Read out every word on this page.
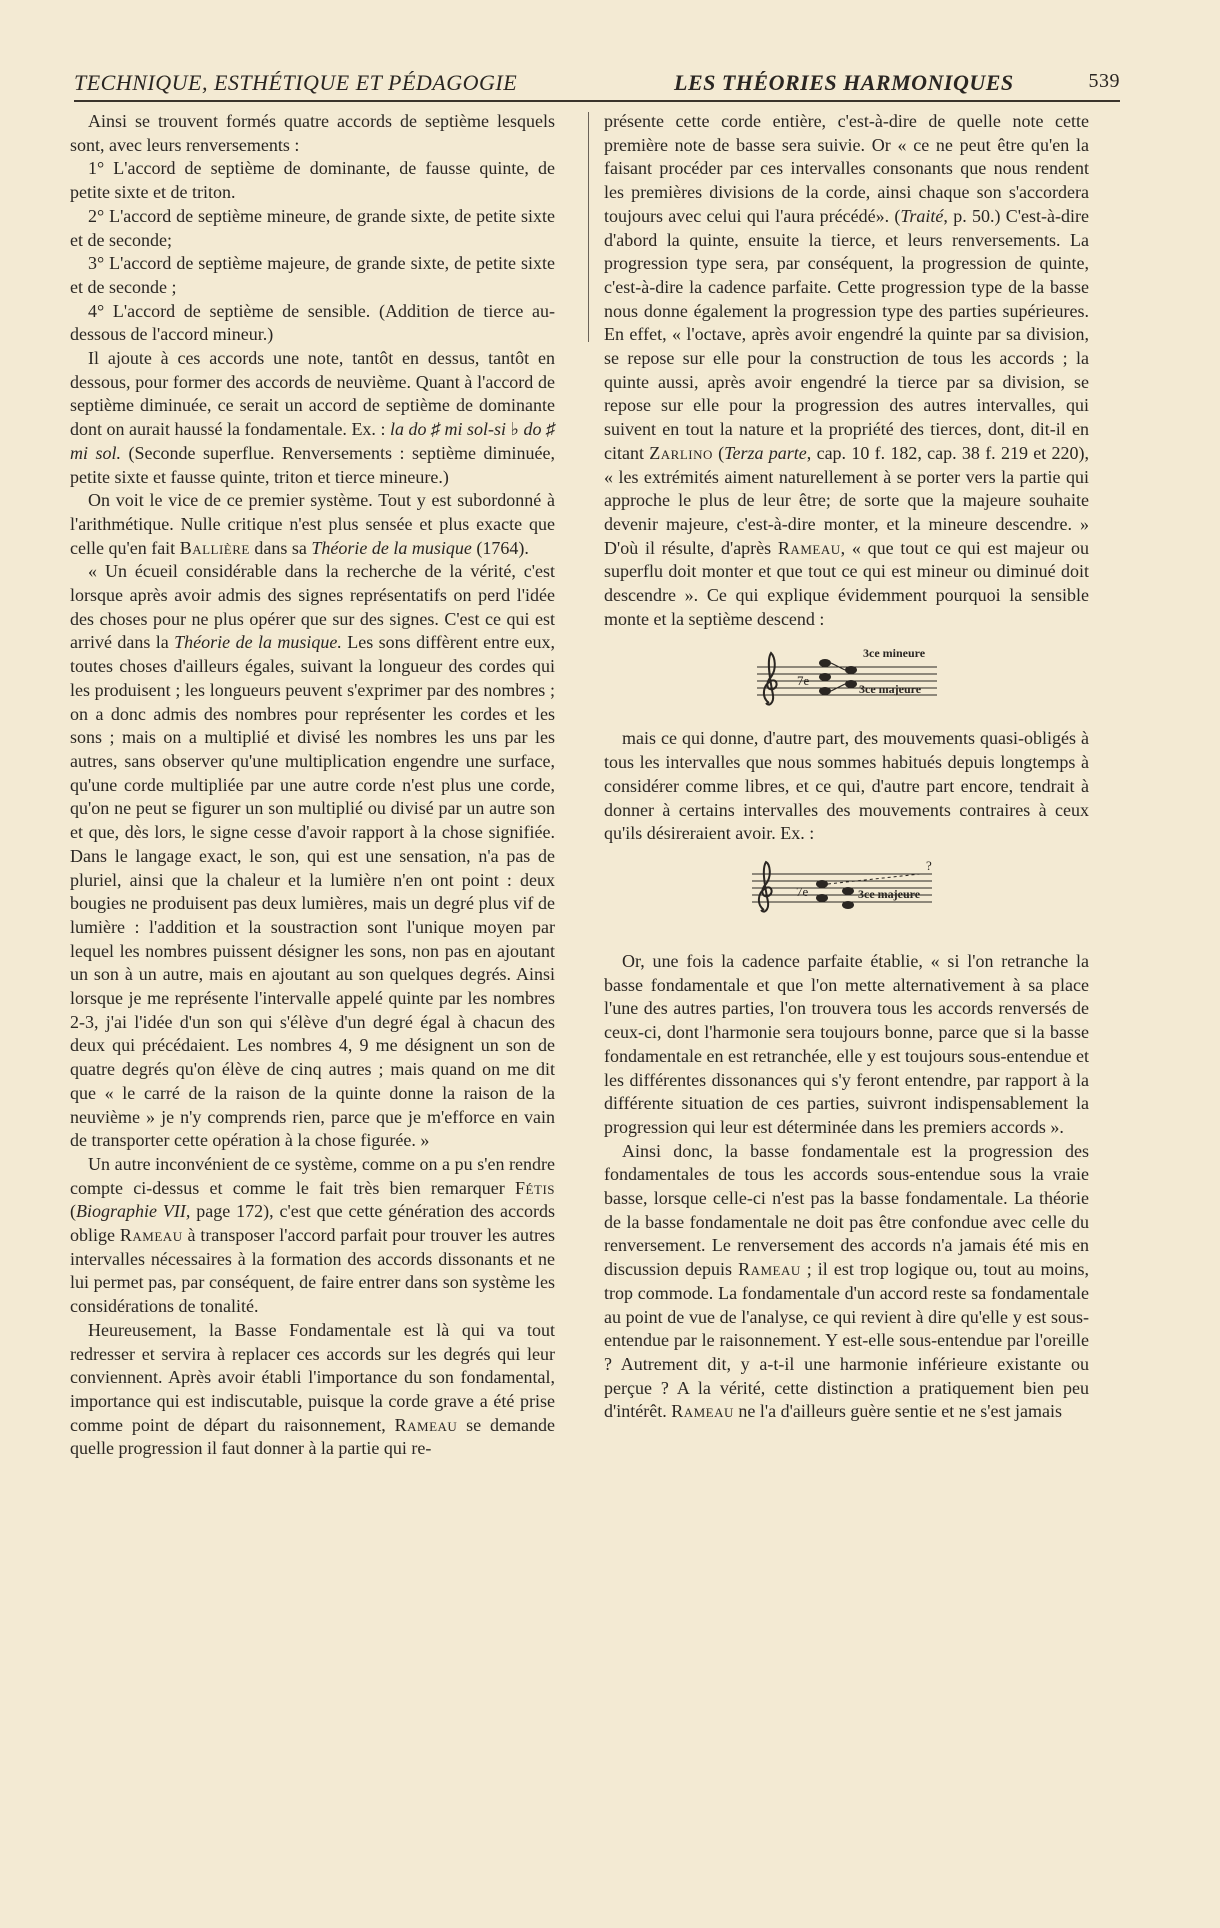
TECHNIQUE, ESTHÉTIQUE ET PÉDAGOGIE	LES THÉORIES HARMONIQUES	539

Ainsi se trouvent formés quatre accords de septième lesquels sont, avec leurs renversements :

1° L'accord de septième de dominante, de fausse quinte, de petite sixte et de triton.

2° L'accord de septième mineure, de grande sixte, de petite sixte et de seconde;

3° L'accord de septième majeure, de grande sixte, de petite sixte et de seconde ;

4° L'accord de septième de sensible. (Addition de tierce au-dessous de l'accord mineur.)

Il ajoute à ces accords une note, tantôt en dessus, tantôt en dessous, pour former des accords de neuvième. Quant à l'accord de septième diminuée, ce serait un accord de septième de dominante dont on aurait haussé la fondamentale. Ex. : la do ♯ mi sol-si ♭ do ♯ mi sol. (Seconde superflue. Renversements : septième diminuée, petite sixte et fausse quinte, triton et tierce mineure.)

On voit le vice de ce premier système. Tout y est subordonné à l'arithmétique. Nulle critique n'est plus sensée et plus exacte que celle qu'en fait Ballière dans sa Théorie de la musique (1764).

« Un écueil considérable dans la recherche de la vérité, c'est lorsque après avoir admis des signes représentatifs on perd l'idée des choses pour ne plus opérer que sur des signes. C'est ce qui est arrivé dans la Théorie de la musique. Les sons diffèrent entre eux, toutes choses d'ailleurs égales, suivant la longueur des cordes qui les produisent ; les longueurs peuvent s'exprimer par des nombres ; on a donc admis des nombres pour représenter les cordes et les sons ; mais on a multiplié et divisé les nombres les uns par les autres, sans observer qu'une multiplication engendre une surface, qu'une corde multipliée par une autre corde n'est plus une corde, qu'on ne peut se figurer un son multiplié ou divisé par un autre son et que, dès lors, le signe cesse d'avoir rapport à la chose signifiée. Dans le langage exact, le son, qui est une sensation, n'a pas de pluriel, ainsi que la chaleur et la lumière n'en ont point : deux bougies ne produisent pas deux lumières, mais un degré plus vif de lumière : l'addition et la soustraction sont l'unique moyen par lequel les nombres puissent désigner les sons, non pas en ajoutant un son à un autre, mais en ajoutant au son quelques degrés. Ainsi lorsque je me représente l'intervalle appelé quinte par les nombres 2-3, j'ai l'idée d'un son qui s'élève d'un degré égal à chacun des deux qui précédaient. Les nombres 4, 9 me désignent un son de quatre degrés qu'on élève de cinq autres ; mais quand on me dit que « le carré de la raison de la quinte donne la raison de la neuvième » je n'y comprends rien, parce que je m'efforce en vain de transporter cette opération à la chose figurée. »

Un autre inconvénient de ce système, comme on a pu s'en rendre compte ci-dessus et comme le fait très bien remarquer Fétis (Biographie VII, page 172), c'est que cette génération des accords oblige Rameau à transposer l'accord parfait pour trouver les autres intervalles nécessaires à la formation des accords dissonants et ne lui permet pas, par conséquent, de faire entrer dans son système les considérations de tonalité.

Heureusement, la Basse Fondamentale est là qui va tout redresser et servira à replacer ces accords sur les degrés qui leur conviennent. Après avoir établi l'importance du son fondamental, importance qui est indiscutable, puisque la corde grave a été prise comme point de départ du raisonnement, Rameau se demande quelle progression il faut donner à la partie qui re-

présente cette corde entière, c'est-à-dire de quelle note cette première note de basse sera suivie. Or « ce ne peut être qu'en la faisant procéder par ces intervalles consonants que nous rendent les premières divisions de la corde, ainsi chaque son s'accordera toujours avec celui qui l'aura précédé». (Traité, p. 50.) C'est-à-dire d'abord la quinte, ensuite la tierce, et leurs renversements. La progression type sera, par conséquent, la progression de quinte, c'est-à-dire la cadence parfaite. Cette progression type de la basse nous donne également la progression type des parties supérieures. En effet, « l'octave, après avoir engendré la quinte par sa division, se repose sur elle pour la construction de tous les accords ; la quinte aussi, après avoir engendré la tierce par sa division, se repose sur elle pour la progression des autres intervalles, qui suivent en tout la nature et la propriété des tierces, dont, dit-il en citant Zarlino (Terza parte, cap. 10 f. 182, cap. 38 f. 219 et 220), « les extrémités aiment naturellement à se porter vers la partie qui approche le plus de leur être; de sorte que la majeure souhaite devenir majeure, c'est-à-dire monter, et la mineure descendre. » D'où il résulte, d'après Rameau, « que tout ce qui est majeur ou superflu doit monter et que tout ce qui est mineur ou diminué doit descendre ». Ce qui explique évidemment pourquoi la sensible monte et la septième descend :

3ce mineure
7e
3ce majeure

mais ce qui donne, d'autre part, des mouvements quasi-obligés à tous les intervalles que nous sommes habitués depuis longtemps à considérer comme libres, et ce qui, d'autre part encore, tendrait à donner à certains intervalles des mouvements contraires à ceux qu'ils désireraient avoir. Ex. :

?
7e	3ce majeure

Or, une fois la cadence parfaite établie, « si l'on retranche la basse fondamentale et que l'on mette alternativement à sa place l'une des autres parties, l'on trouvera tous les accords renversés de ceux-ci, dont l'harmonie sera toujours bonne, parce que si la basse fondamentale en est retranchée, elle y est toujours sous-entendue et les différentes dissonances qui s'y feront entendre, par rapport à la différente situation de ces parties, suivront indispensablement la progression qui leur est déterminée dans les premiers accords ».

Ainsi donc, la basse fondamentale est la progression des fondamentales de tous les accords sous-entendue sous la vraie basse, lorsque celle-ci n'est pas la basse fondamentale. La théorie de la basse fondamentale ne doit pas être confondue avec celle du renversement. Le renversement des accords n'a jamais été mis en discussion depuis Rameau ; il est trop logique ou, tout au moins, trop commode. La fondamentale d'un accord reste sa fondamentale au point de vue de l'analyse, ce qui revient à dire qu'elle y est sous-entendue par le raisonnement. Y est-elle sous-entendue par l'oreille ? Autrement dit, y a-t-il une harmonie inférieure existante ou perçue ? A la vérité, cette distinction a pratiquement bien peu d'intérêt. Rameau ne l'a d'ailleurs guère sentie et ne s'est jamais
